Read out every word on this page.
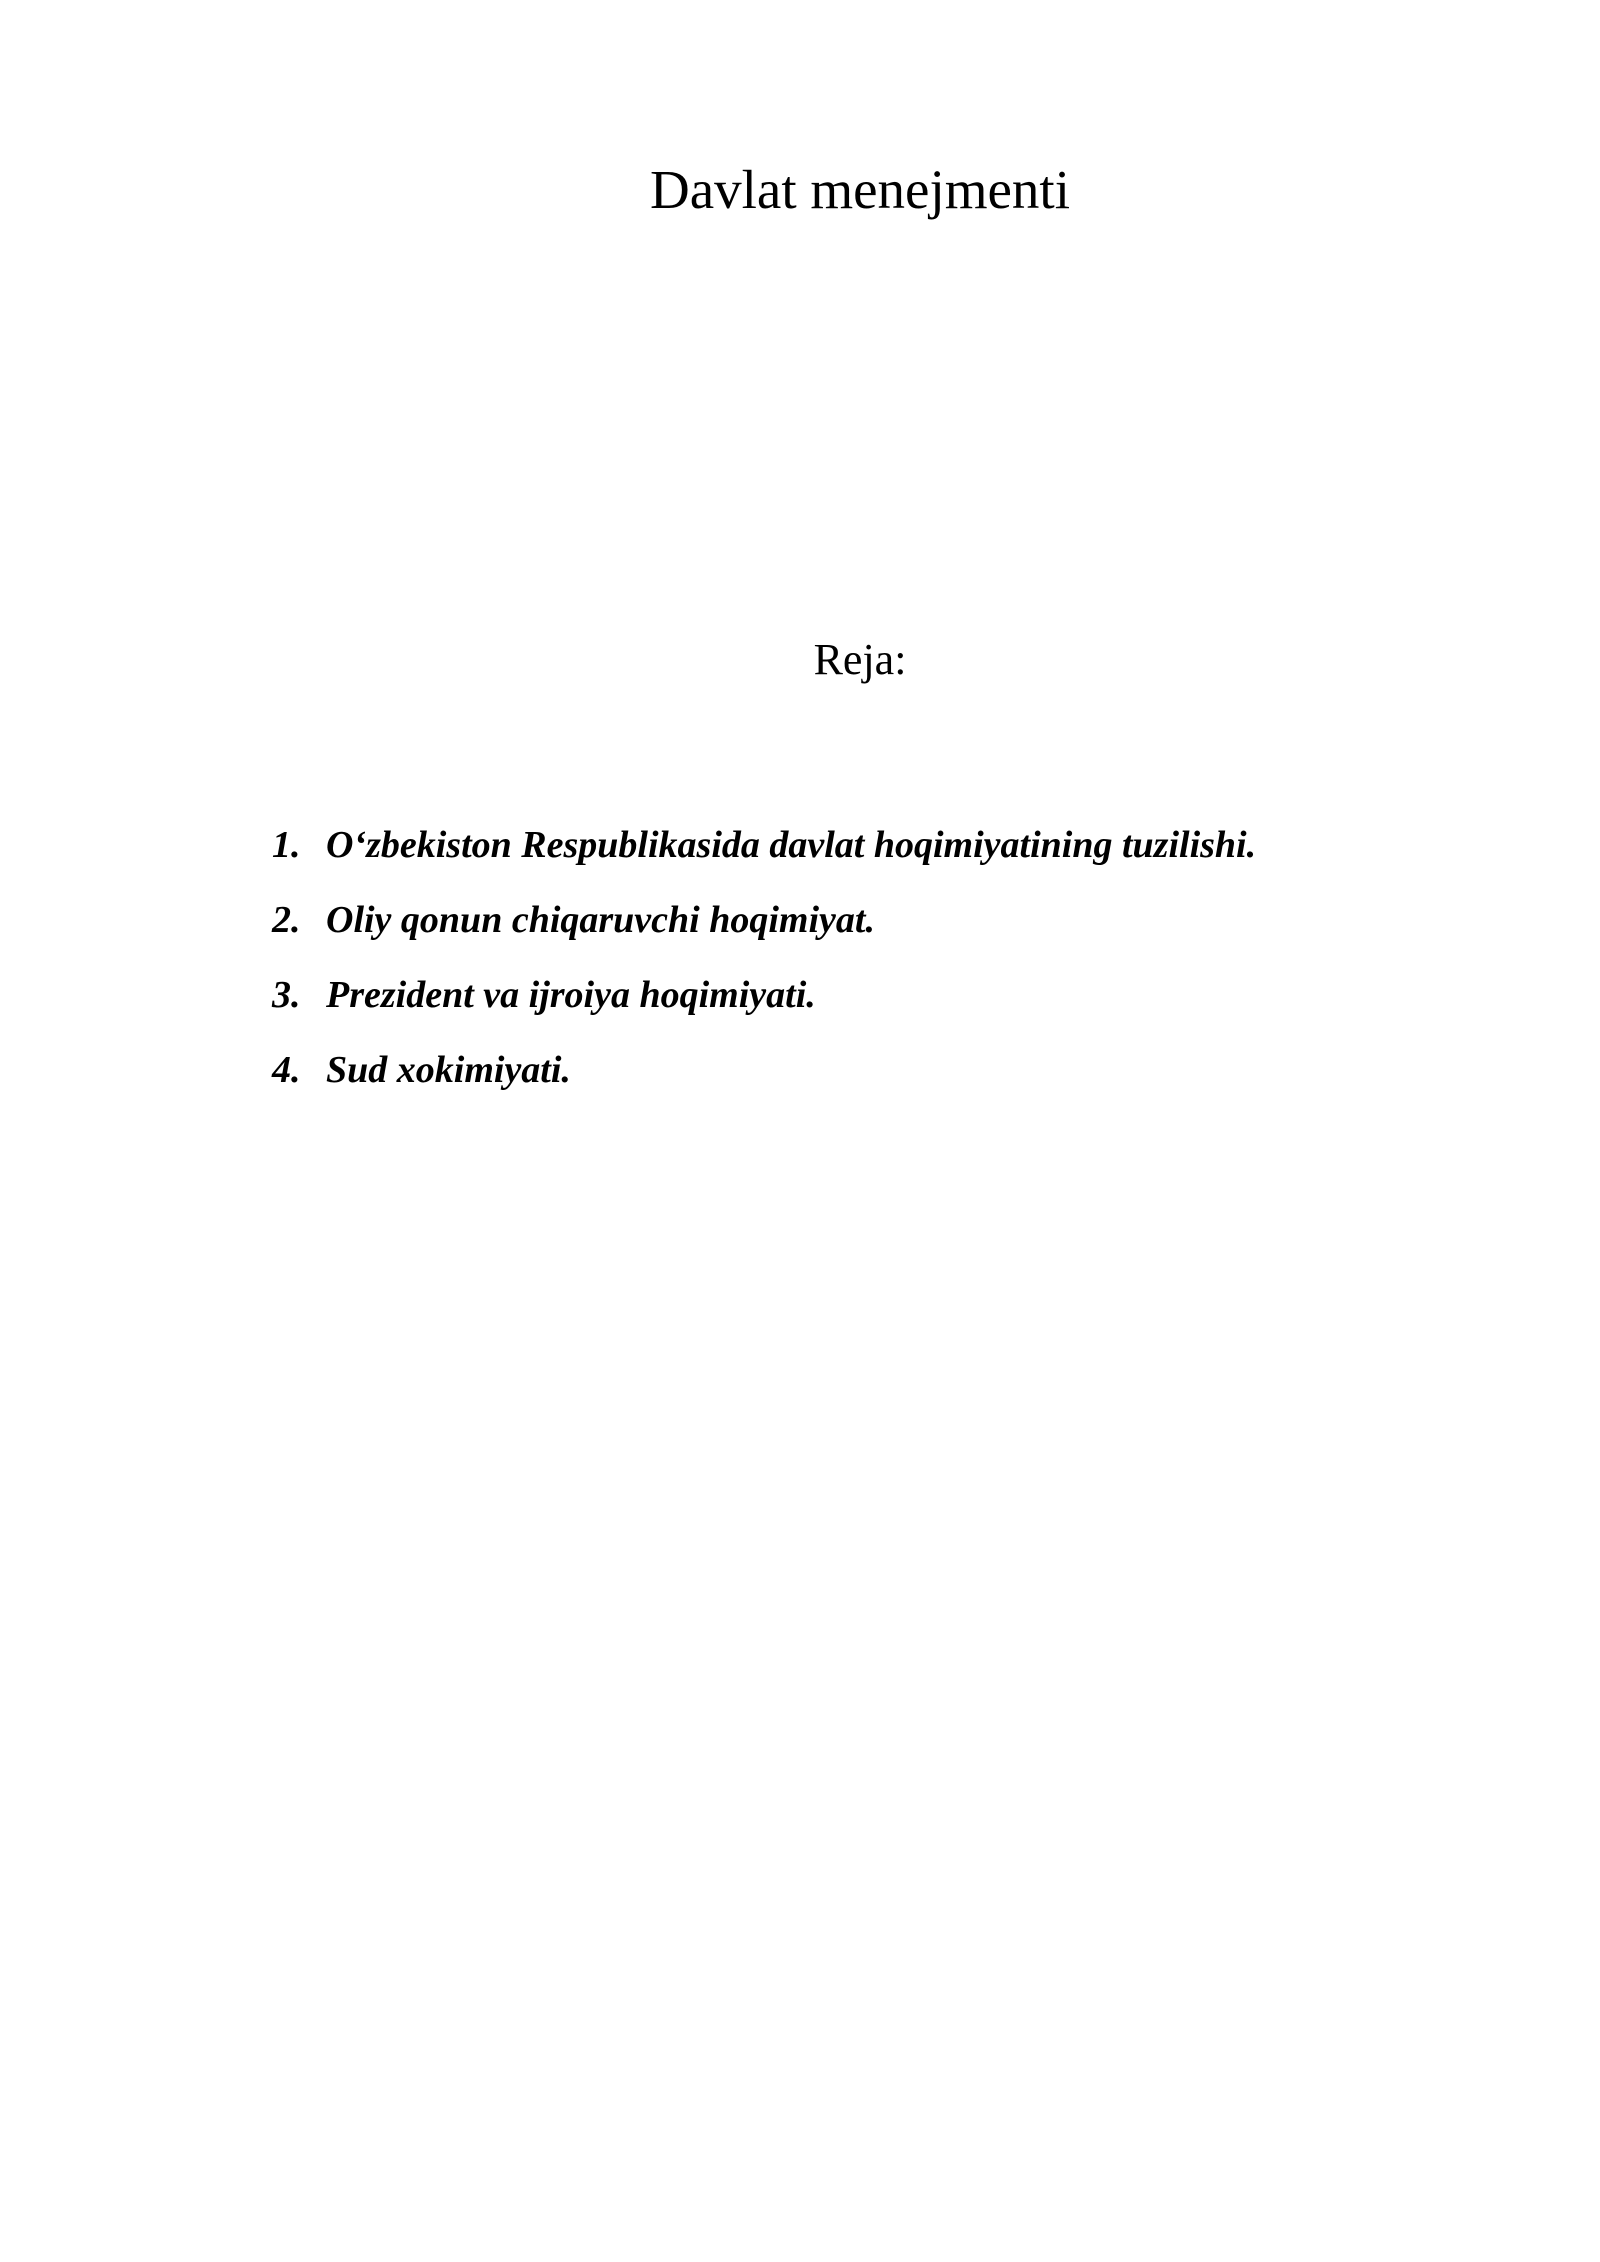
Davlat menejmenti
Reja:
1. O‘zbekiston Respublikasida davlat hoqimiyatining tuzilishi.
2. Oliy qonun chiqaruvchi hoqimiyat.
3. Prezident va ijroiya hoqimiyati.
4. Sud xokimiyati.
